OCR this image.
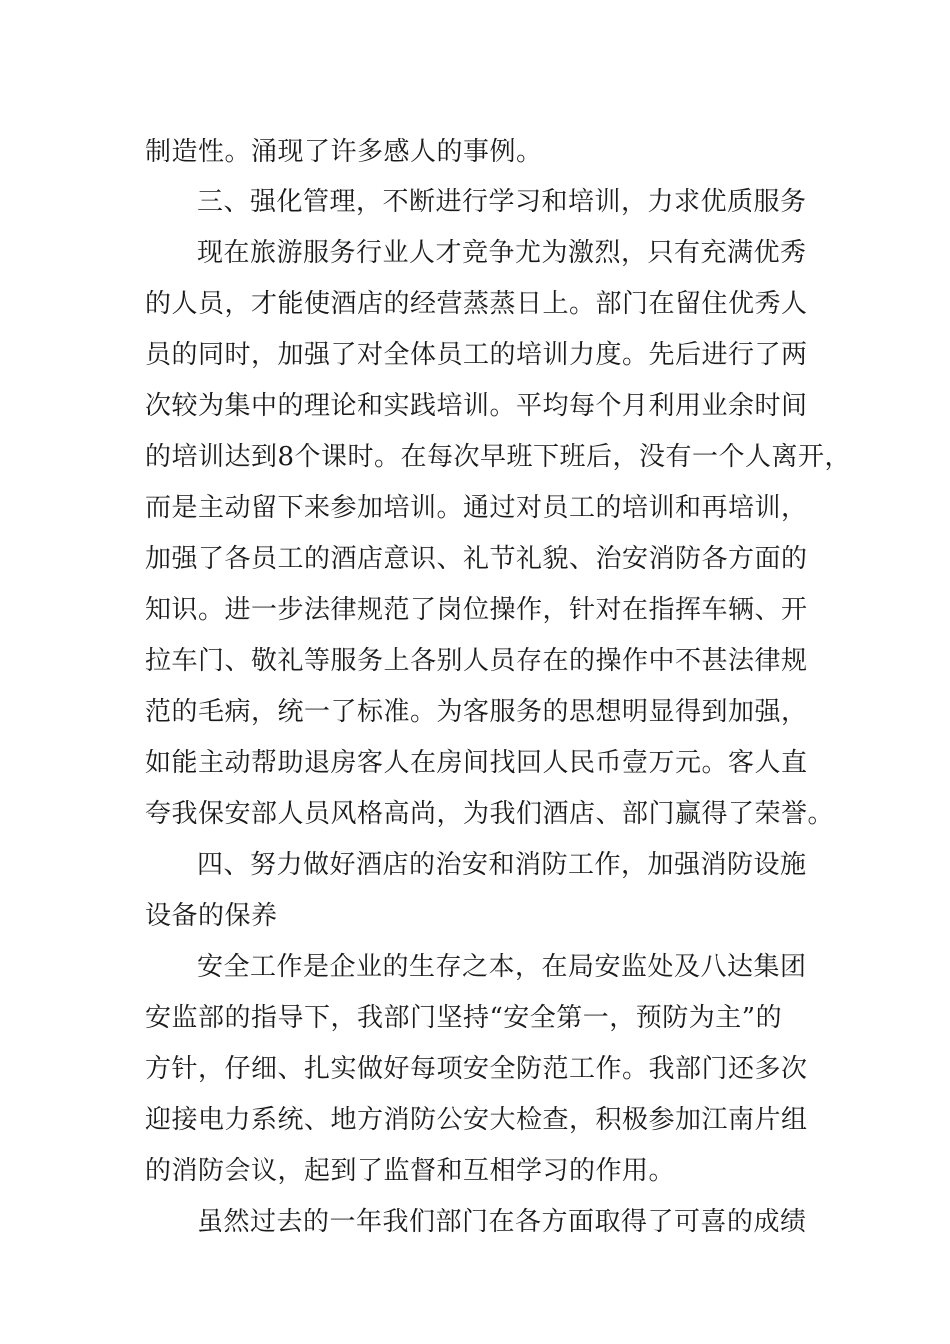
制造性。涌现了许多感人的事例。
三、强化管理，不断进行学习和培训，力求优质服务
现在旅游服务行业人才竞争尤为激烈，只有充满优秀
的人员，才能使酒店的经营蒸蒸日上。部门在留住优秀人
员的同时，加强了对全体员工的培训力度。先后进行了两
次较为集中的理论和实践培训。平均每个月利用业余时间
的培训达到8个课时。在每次早班下班后，没有一个人离开，
而是主动留下来参加培训。通过对员工的培训和再培训，
加强了各员工的酒店意识、礼节礼貌、治安消防各方面的
知识。进一步法律规范了岗位操作，针对在指挥车辆、开
拉车门、敬礼等服务上各别人员存在的操作中不甚法律规
范的毛病，统一了标准。为客服务的思想明显得到加强，
如能主动帮助退房客人在房间找回人民币壹万元。客人直
夸我保安部人员风格高尚，为我们酒店、部门赢得了荣誉。
四、努力做好酒店的治安和消防工作，加强消防设施
设备的保养
安全工作是企业的生存之本，在局安监处及八达集团
安监部的指导下，我部门坚持“安全第一，预防为主”的
方针，仔细、扎实做好每项安全防范工作。我部门还多次
迎接电力系统、地方消防公安大检查，积极参加江南片组
的消防会议，起到了监督和互相学习的作用。
虽然过去的一年我们部门在各方面取得了可喜的成绩
